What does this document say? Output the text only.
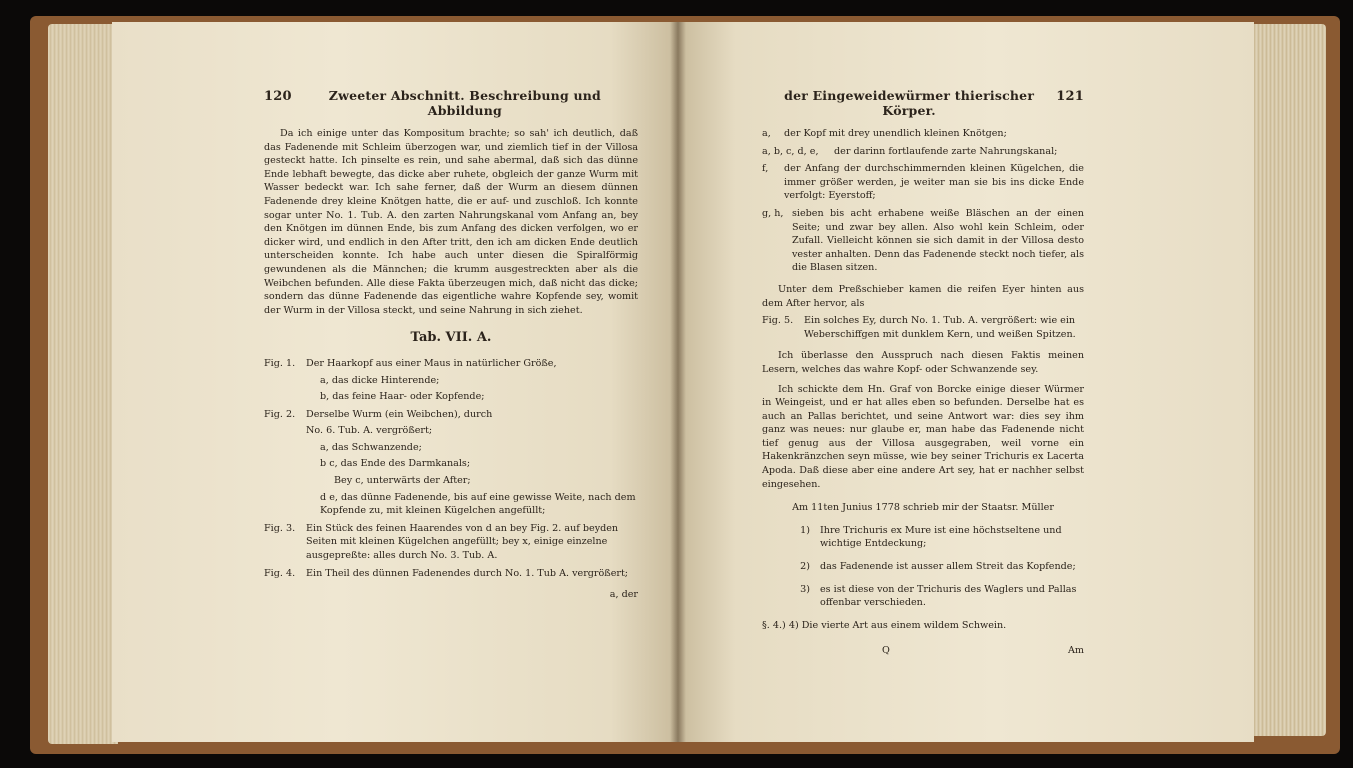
120	Zweeter Abschnitt. Beschreibung und Abbildung

Da ich einige unter das Kompositum brachte; so sah' ich deutlich, daß das Fadenende mit Schleim überzogen war, und ziemlich tief in der Villosa gesteckt hatte. Ich pinselte es rein, und sahe abermal, daß sich das dünne Ende lebhaft bewegte, das dicke aber ruhete, obgleich der ganze Wurm mit Wasser bedeckt war. Ich sahe ferner, daß der Wurm an diesem dünnen Fadenende drey kleine Knötgen hatte, die er auf- und zuschloß. Ich konnte sogar unter No. 1. Tub. A. den zarten Nahrungskanal vom Anfang an, bey den Knötgen im dünnen Ende, bis zum Anfang des dicken verfolgen, wo er dicker wird, und endlich in den After tritt, den ich am dicken Ende deutlich unterscheiden konnte. Ich habe auch unter diesen die Spiralförmig gewundenen als die Männchen; die krumm ausgestreckten aber als die Weibchen befunden. Alle diese Fakta überzeugen mich, daß nicht das dicke; sondern das dünne Fadenende das eigentliche wahre Kopfende sey, womit der Wurm in der Villosa steckt, und seine Nahrung in sich ziehet.

Tab. VII. A.
Fig. 1.	Der Haarkopf aus einer Maus in natürlicher Größe,
a, das dicke Hinterende;
b, das feine Haar- oder Kopfende;
Fig. 2.	Derselbe Wurm (ein Weibchen), durch
No. 6. Tub. A. vergrößert;
a, das Schwanzende;
b c, das Ende des Darmkanals;
Bey c, unterwärts der After;
d e, das dünne Fadenende, bis auf eine gewisse Weite, nach dem Kopfende zu, mit kleinen Kügelchen angefüllt;
Fig. 3.	Ein Stück des feinen Haarendes von d an bey Fig. 2. auf beyden Seiten mit kleinen Kügelchen angefüllt; bey x, einige einzelne ausgepreßte: alles durch No. 3. Tub. A.
Fig. 4.	Ein Theil des dünnen Fadenendes durch No. 1. Tub A. vergrößert;
a, der
der Eingeweidewürmer thierischer Körper.
121
a,	der Kopf mit drey unendlich kleinen Knötgen;
a, b, c, d, e,	der darinn fortlaufende zarte Nahrungskanal;
f,	der Anfang der durchschimmernden kleinen Kügelchen, die immer größer werden, je weiter man sie bis ins dicke Ende verfolgt: Eyerstoff;
g, h, sieben bis acht erhabene weiße Bläschen an der einen Seite; und zwar bey allen. Also wohl kein Schleim, oder Zufall. Vielleicht können sie sich damit in der Villosa desto vester anhalten. Denn das Fadenende steckt noch tiefer, als die Blasen sitzen.

Unter dem Preßschieber kamen die reifen Eyer hinten aus dem After hervor, als

Fig. 5.	Ein solches Ey, durch No. 1. Tub. A. vergrößert: wie ein Weberschiffgen mit dunklem Kern, und weißen Spitzen.

Ich überlasse den Ausspruch nach diesen Faktis meinen Lesern, welches das wahre Kopf- oder Schwanzende sey.

Ich schickte dem Hn. Graf von Borcke einige dieser Würmer in Weingeist, und er hat alles eben so befunden. Derselbe hat es auch an Pallas berichtet, und seine Antwort war: dies sey ihm ganz was neues: nur glaube er, man habe das Fadenende nicht tief genug aus der Villosa ausgegraben, weil vorne ein Hakenkränzchen seyn müsse, wie bey seiner Trichuris ex Lacerta Apoda. Daß diese aber eine andere Art sey, hat er nachher selbst eingesehen.

Am 11ten Junius 1778 schrieb mir der Staatsr. Müller
1)	Ihre Trichuris ex Mure ist eine höchstseltene und wichtige Entdeckung;
2)	das Fadenende ist ausser allem Streit das Kopfende;
3)	es ist diese von der Trichuris des Waglers und Pallas offenbar verschieden.
§. 4.) 4) Die vierte Art aus einem wildem Schwein.
Q	Am
